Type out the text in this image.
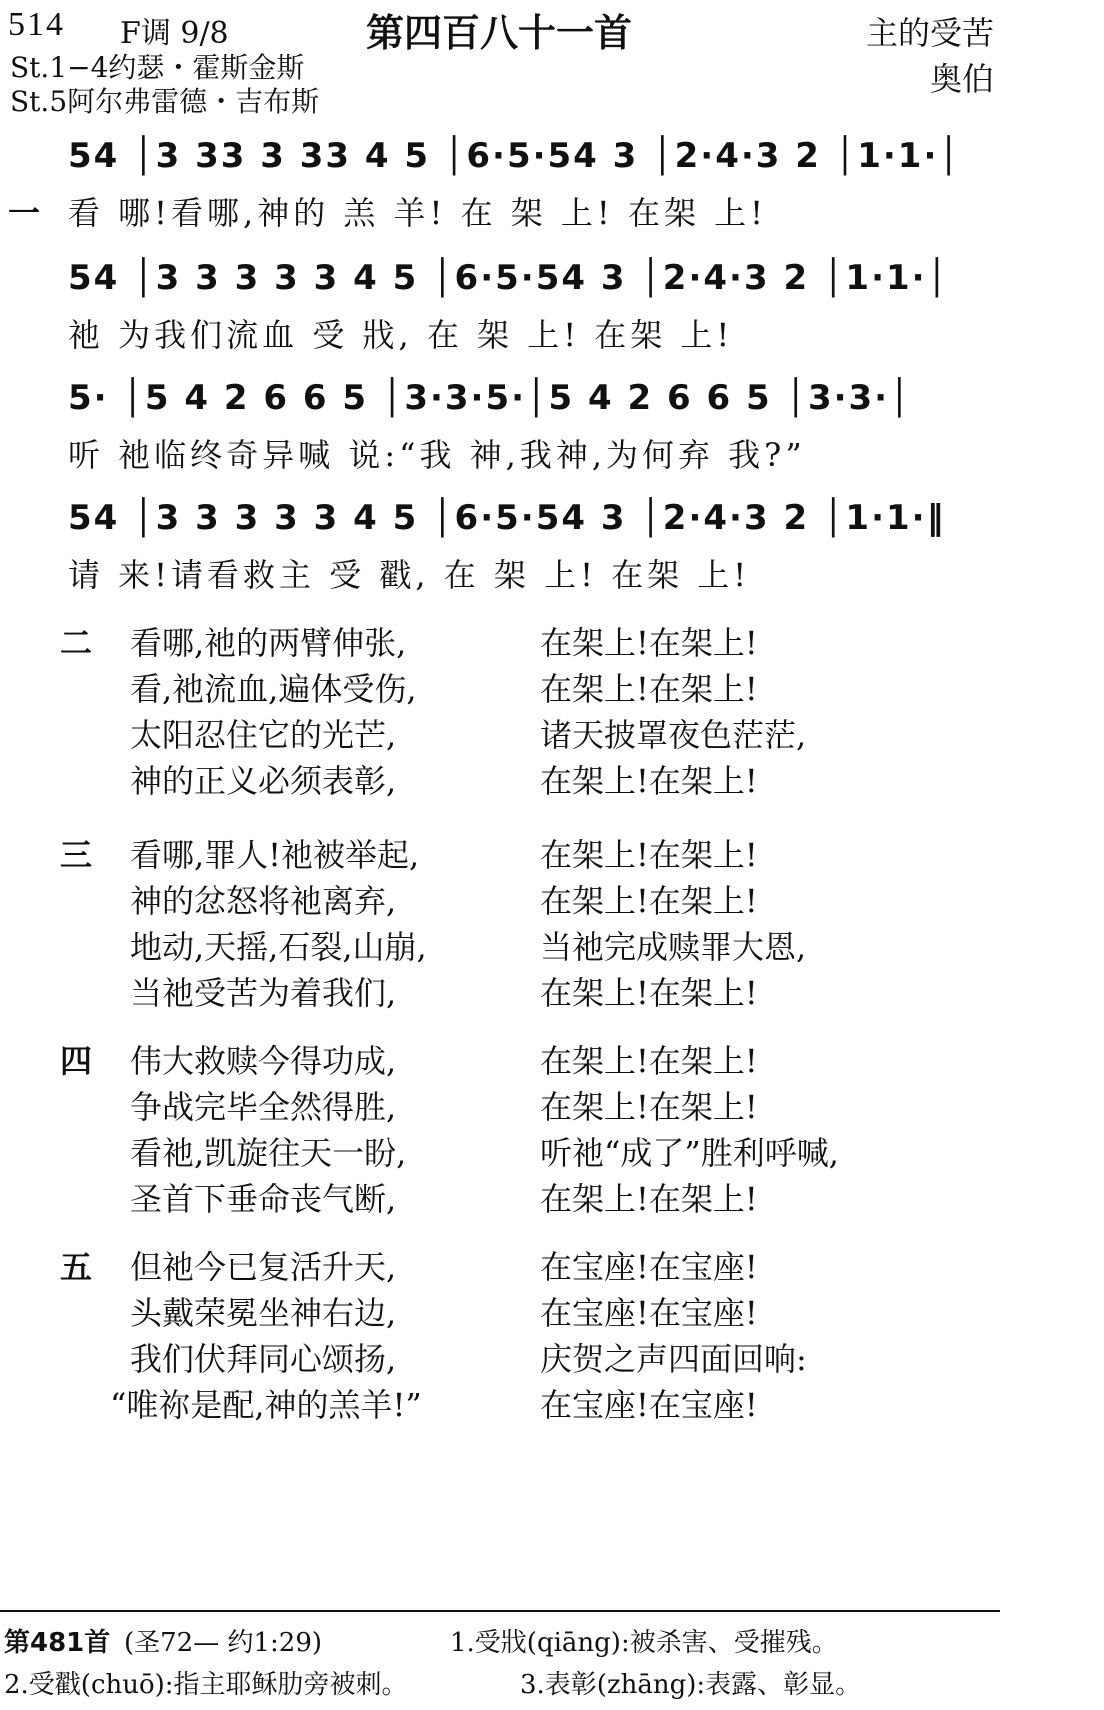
514 F调 9/8	第四百八十一首	主的受苦
奥伯
St.1−4约瑟・霍斯金斯
St.5阿尔弗雷德・吉布斯
54 │3 33 3 33 4 5 │6·5·54 3 │2·4·3 2 │1·1·│
一 看 哪!看哪,神的 羔 羊! 在 架 上! 在架 上!
54 │3 3 3 3 3 4 5 │6·5·54 3 │2·4·3 2 │1·1·│
祂 为我们流血 受 戕, 在 架 上! 在架 上!
5· │5 4 2 6 6 5 │3·3·5·│5 4 2 6 6 5 │3·3·│
听 祂临终奇异喊 说:“我 神,我神,为何弃 我?”
54 │3 3 3 3 3 4 5 │6·5·54 3 │2·4·3 2 │1·1·‖
请 来!请看救主 受 戳, 在 架 上! 在架 上!
二 看哪,祂的两臂伸张,	在架上!在架上!
看,祂流血,遍体受伤,	在架上!在架上!
太阳忍住它的光芒,	诸天披罩夜色茫茫,
神的正义必须表彰,	在架上!在架上!
三 看哪,罪人!祂被举起,	在架上!在架上!
神的忿怒将祂离弃,	在架上!在架上!
地动,天摇,石裂,山崩,	当祂完成赎罪大恩,
当祂受苦为着我们,	在架上!在架上!
四 伟大救赎今得功成,	在架上!在架上!
争战完毕全然得胜,	在架上!在架上!
看祂,凯旋往天一盼,	听祂“成了”胜利呼喊,
圣首下垂命丧气断,	在架上!在架上!
五 但祂今已复活升天,	在宝座!在宝座!
头戴荣冕坐神右边,	在宝座!在宝座!
我们伏拜同心颂扬,	庆贺之声四面回响:
“唯祢是配,神的羔羊!”	在宝座!在宝座!
第481首 (圣72— 约1:29)	1.受戕(qiāng):被杀害、受摧残。
2.受戳(chuō):指主耶稣肋旁被刺。	3.表彰(zhāng):表露、彰显。
